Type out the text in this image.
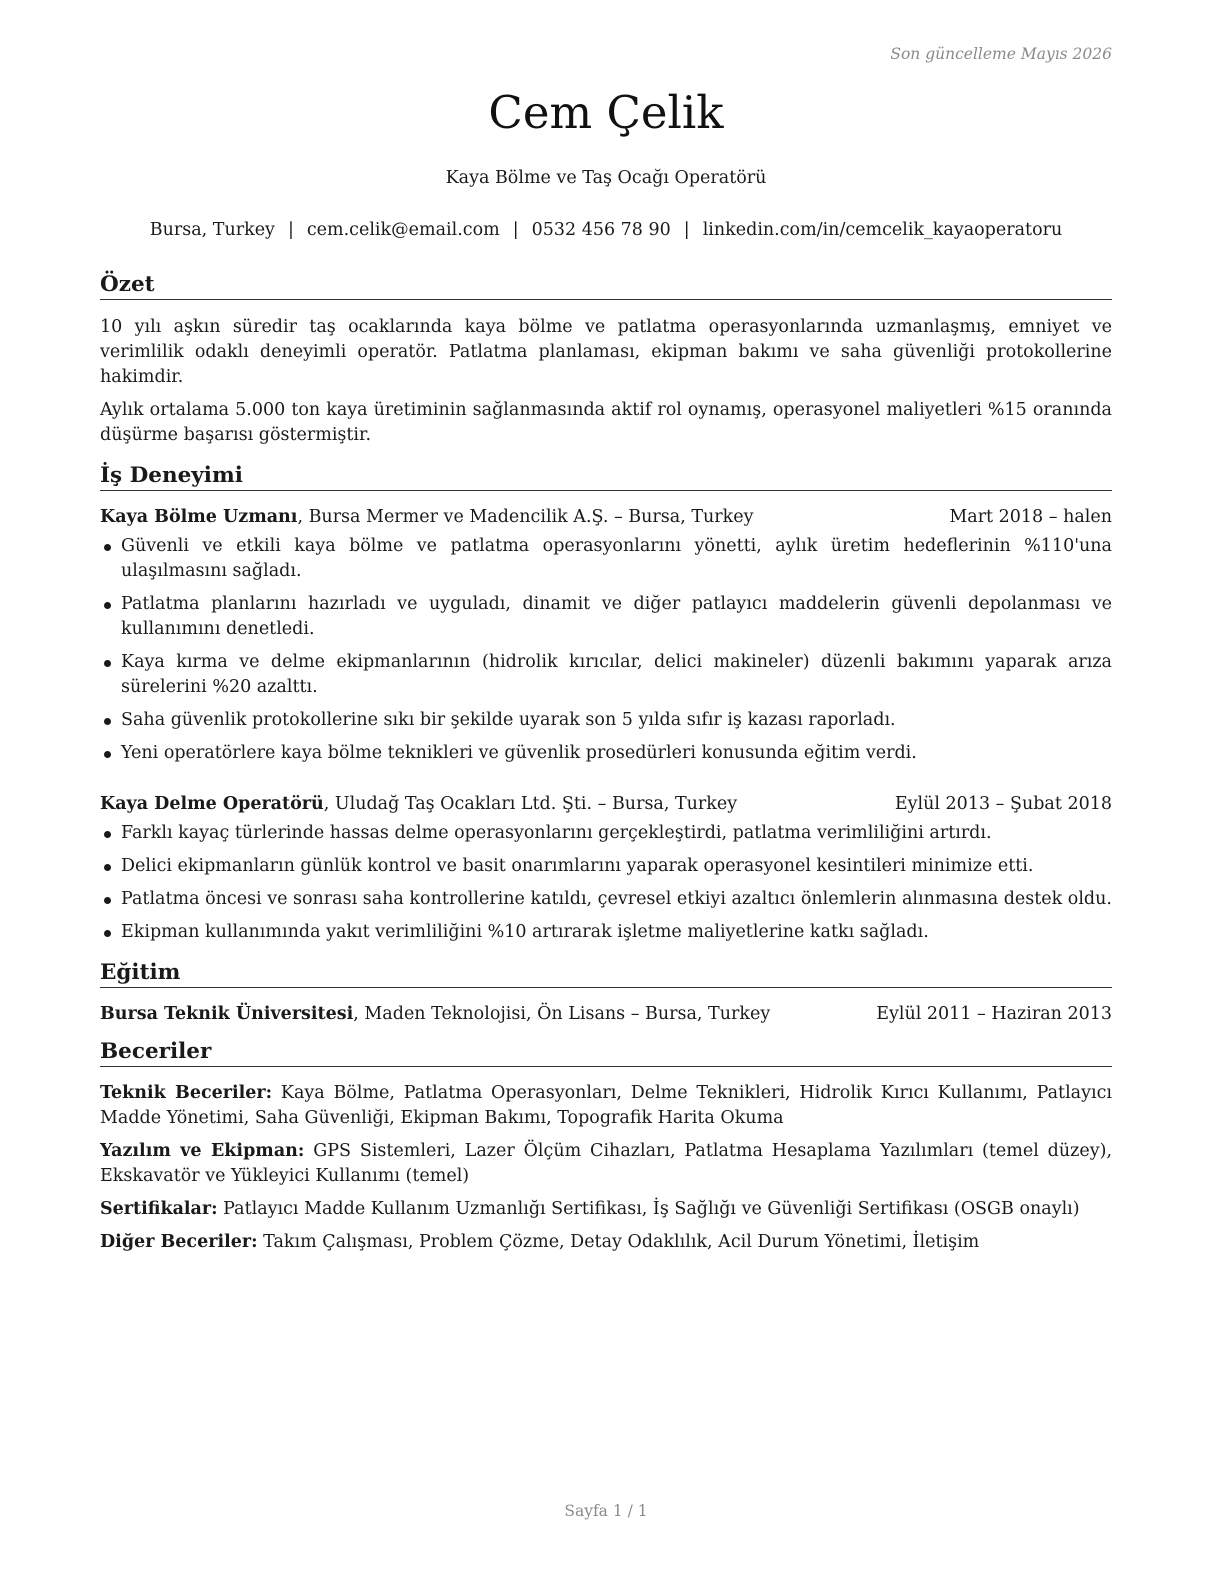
Son güncelleme Mayıs 2026
Cem Çelik
Kaya Bölme ve Taş Ocağı Operatörü
Bursa, Turkey | cem.celik@email.com | 0532 456 78 90 | linkedin.com/in/cemcelik_kayaoperatoru
Özet

10 yılı aşkın süredir taş ocaklarında kaya bölme ve patlatma operasyonlarında uzmanlaşmış, emniyet ve verimlilik odaklı deneyimli operatör. Patlatma planlaması, ekipman bakımı ve saha güvenliği protokollerine hakimdir.

Aylık ortalama 5.000 ton kaya üretiminin sağlanmasında aktif rol oynamış, operasyonel maliyetleri %15 oranında düşürme başarısı göstermiştir.

İş Deneyimi
Kaya Bölme Uzmanı, Bursa Mermer ve Madencilik A.Ş. – Bursa, Turkey	Mart 2018 – halen
Güvenli ve etkili kaya bölme ve patlatma operasyonlarını yönetti, aylık üretim hedeflerinin %110'una ulaşılmasını sağladı.
Patlatma planlarını hazırladı ve uyguladı, dinamit ve diğer patlayıcı maddelerin güvenli depolanması ve kullanımını denetledi.
Kaya kırma ve delme ekipmanlarının (hidrolik kırıcılar, delici makineler) düzenli bakımını yaparak arıza sürelerini %20 azalttı.
Saha güvenlik protokollerine sıkı bir şekilde uyarak son 5 yılda sıfır iş kazası raporladı.
Yeni operatörlere kaya bölme teknikleri ve güvenlik prosedürleri konusunda eğitim verdi.
Kaya Delme Operatörü, Uludağ Taş Ocakları Ltd. Şti. – Bursa, Turkey	Eylül 2013 – Şubat 2018
Farklı kayaç türlerinde hassas delme operasyonlarını gerçekleştirdi, patlatma verimliliğini artırdı.
Delici ekipmanların günlük kontrol ve basit onarımlarını yaparak operasyonel kesintileri minimize etti.
Patlatma öncesi ve sonrası saha kontrollerine katıldı, çevresel etkiyi azaltıcı önlemlerin alınmasına destek oldu.
Ekipman kullanımında yakıt verimliliğini %10 artırarak işletme maliyetlerine katkı sağladı.
Eğitim
Bursa Teknik Üniversitesi, Maden Teknolojisi, Ön Lisans – Bursa, Turkey	Eylül 2011 – Haziran 2013
Beceriler
Teknik Beceriler: Kaya Bölme, Patlatma Operasyonları, Delme Teknikleri, Hidrolik Kırıcı Kullanımı, Patlayıcı Madde Yönetimi, Saha Güvenliği, Ekipman Bakımı, Topografik Harita Okuma
Yazılım ve Ekipman: GPS Sistemleri, Lazer Ölçüm Cihazları, Patlatma Hesaplama Yazılımları (temel düzey), Ekskavatör ve Yükleyici Kullanımı (temel)
Sertifikalar: Patlayıcı Madde Kullanım Uzmanlığı Sertifikası, İş Sağlığı ve Güvenliği Sertifikası (OSGB onaylı)
Diğer Beceriler: Takım Çalışması, Problem Çözme, Detay Odaklılık, Acil Durum Yönetimi, İletişim
Sayfa 1 / 1
